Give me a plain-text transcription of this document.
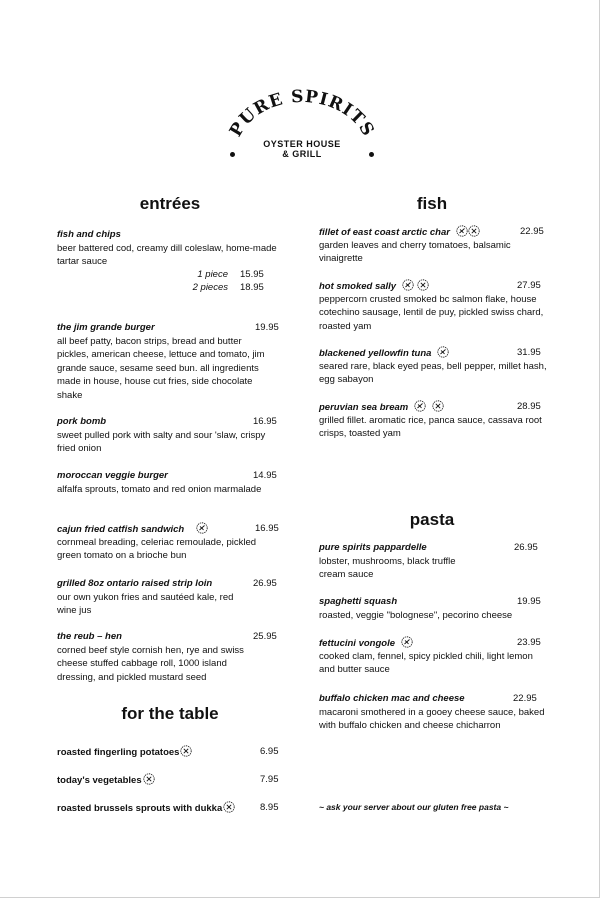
PURE SPIRITS
OYSTER HOUSE
& GRILL
entrées
for the table
fish
pasta
fish and chips
beer battered cod, creamy dill coleslaw, home-made tartar sauce
1 piece 15.95
2 pieces 18.95
the jim grande burger	19.95
all beef patty, bacon strips, bread and butter pickles, american cheese, lettuce and tomato, jim grande sauce, sesame seed bun. all ingredients made in house, house cut fries, side chocolate shake
pork bomb	16.95
sweet pulled pork with salty and sour 'slaw, crispy fried onion
moroccan veggie burger	14.95
alfalfa sprouts, tomato and red onion marmalade
cajun fried catfish sandwich	16.95
cornmeal breading, celeriac remoulade, pickled green tomato on a brioche bun
grilled 8oz ontario raised strip loin	26.95
our own yukon fries and sautéed kale, red wine jus
the reub – hen	25.95
corned beef style cornish hen, rye and swiss cheese stuffed cabbage roll, 1000 island dressing, and pickled mustard seed
roasted fingerling potatoes	6.95
today's vegetables	7.95
roasted brussels sprouts with dukka	8.95
fillet of east coast arctic char	22.95
garden leaves and cherry tomatoes, balsamic vinaigrette
hot smoked sally	27.95
peppercorn crusted smoked bc salmon flake, house cotechino sausage, lentil de puy, pickled swiss chard, roasted yam
blackened yellowfin tuna	31.95
seared rare, black eyed peas, bell pepper, millet hash, egg sabayon
peruvian sea bream	28.95
grilled fillet. aromatic rice, panca sauce, cassava root crisps, toasted yam
pure spirits pappardelle	26.95
lobster, mushrooms, black truffle cream sauce
spaghetti squash	19.95
roasted, veggie "bolognese", pecorino cheese
fettucini vongole	23.95
cooked clam, fennel, spicy pickled chili, light lemon and butter sauce
buffalo chicken mac and cheese	22.95
macaroni smothered in a gooey cheese sauce, baked with buffalo chicken and cheese chicharron
~ ask your server about our gluten free pasta ~
